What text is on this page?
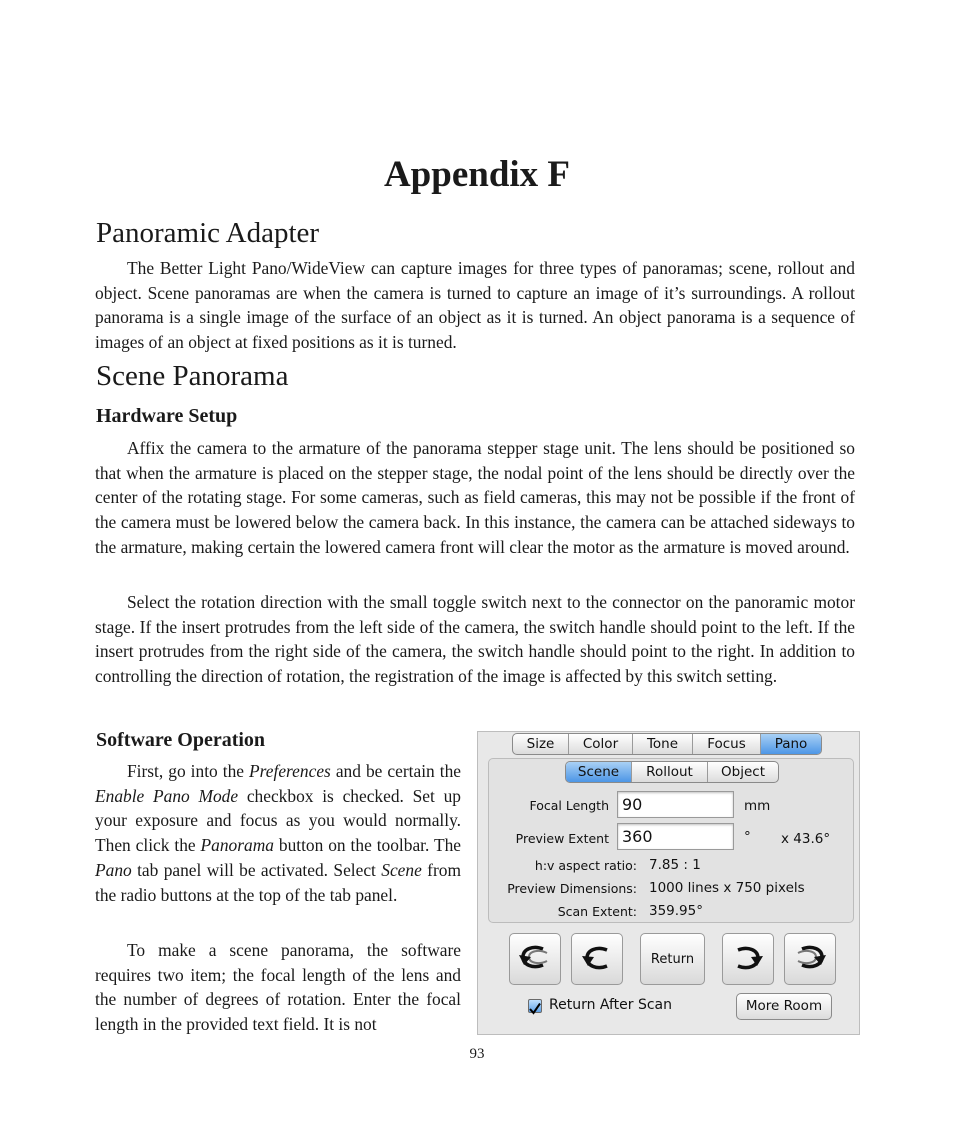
Appendix F
Panoramic Adapter

The Better Light Pano/WideView can capture images for three types of panoramas; scene, rollout and object. Scene panoramas are when the camera is turned to capture an image of it’s surroundings. A rollout panorama is a single image of the surface of an object as it is turned. An object panorama is a sequence of images of an object at fixed positions as it is turned.

Scene Panorama
Hardware Setup

Affix the camera to the armature of the panorama stepper stage unit. The lens should be positioned so that when the armature is placed on the stepper stage, the nodal point of the lens should be directly over the center of the rotating stage. For some cameras, such as field cameras, this may not be possible if the front of the camera must be lowered below the camera back. In this instance, the camera can be attached sideways to the armature, making certain the lowered camera front will clear the motor as the armature is moved around.

Select the rotation direction with the small toggle switch next to the connector on the panoramic motor stage. If the insert protrudes from the left side of the camera, the switch handle should point to the left. If the insert protrudes from the right side of the camera, the switch handle should point to the right. In addition to controlling the direction of rotation, the registration of the image is affected by this switch setting.

Software Operation

First, go into the Preferences and be certain the Enable Pano Mode checkbox is checked. Set up your exposure and focus as you would normally. Then click the Panorama button on the toolbar. The Pano tab panel will be activated. Select Scene from the radio buttons at the top of the tab panel.

To make a scene panorama, the software requires two item; the focal length of the lens and the number of degrees of rotation. Enter the focal length in the provided text field. It is not

Size	Color	Tone	Focus	Pano
Scene	Rollout	Object
Focal Length 90	mm
Preview Extent 360	° x 43.6°
h:v aspect ratio: 7.85 : 1
Preview Dimensions: 1000 lines x 750 pixels
Scan Extent: 359.95°
Return
Return After Scan	More Room
93
